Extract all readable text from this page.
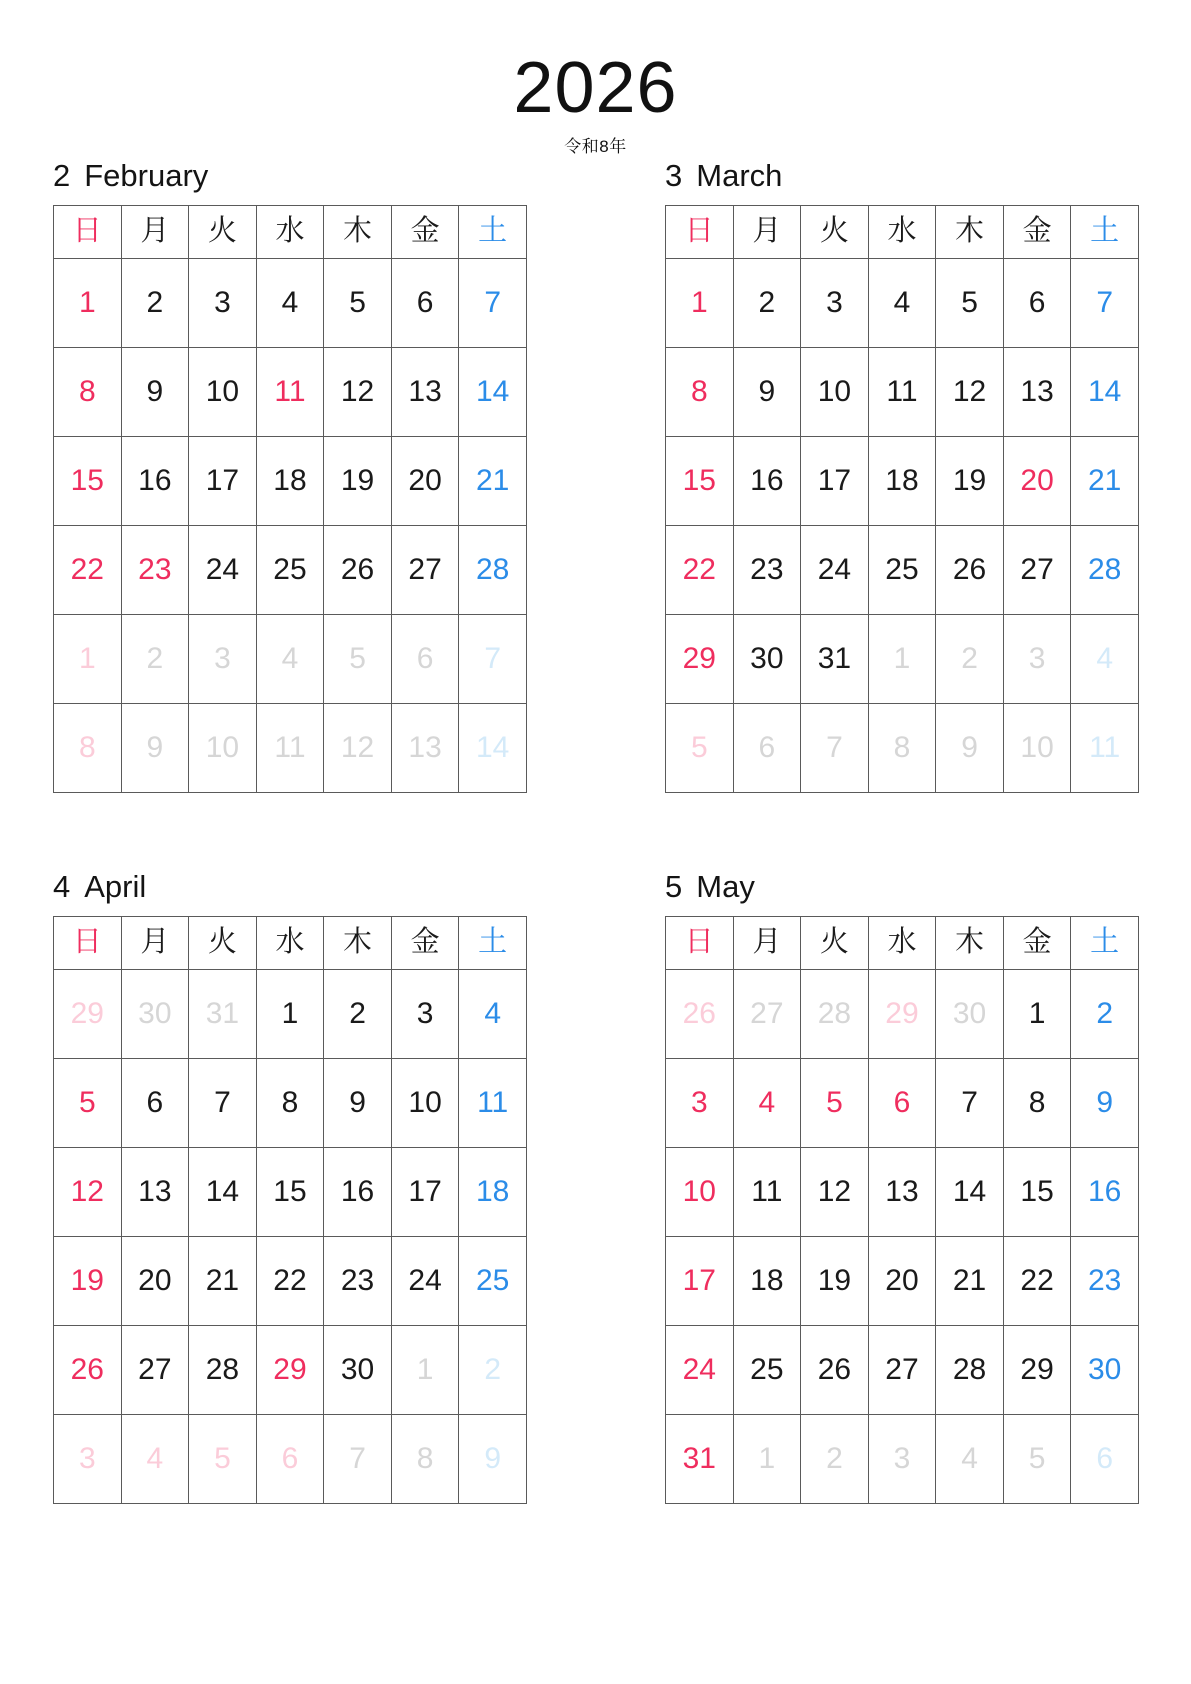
2026
令和8年
2 February
日	月	火	水	木	金	土
1	2	3	4	5	6	7
8	9	10	11	12	13	14
15	16	17	18	19	20	21
22	23	24	25	26	27	28
1	2	3	4	5	6	7
8	9	10	11	12	13	14
3 March
日	月	火	水	木	金	土
1	2	3	4	5	6	7
8	9	10	11	12	13	14
15	16	17	18	19	20	21
22	23	24	25	26	27	28
29	30	31	1	2	3	4
5	6	7	8	9	10	11
4 April
日	月	火	水	木	金	土
29	30	31	1	2	3	4
5	6	7	8	9	10	11
12	13	14	15	16	17	18
19	20	21	22	23	24	25
26	27	28	29	30	1	2
3	4	5	6	7	8	9
5 May
日	月	火	水	木	金	土
26	27	28	29	30	1	2
3	4	5	6	7	8	9
10	11	12	13	14	15	16
17	18	19	20	21	22	23
24	25	26	27	28	29	30
31	1	2	3	4	5	6
